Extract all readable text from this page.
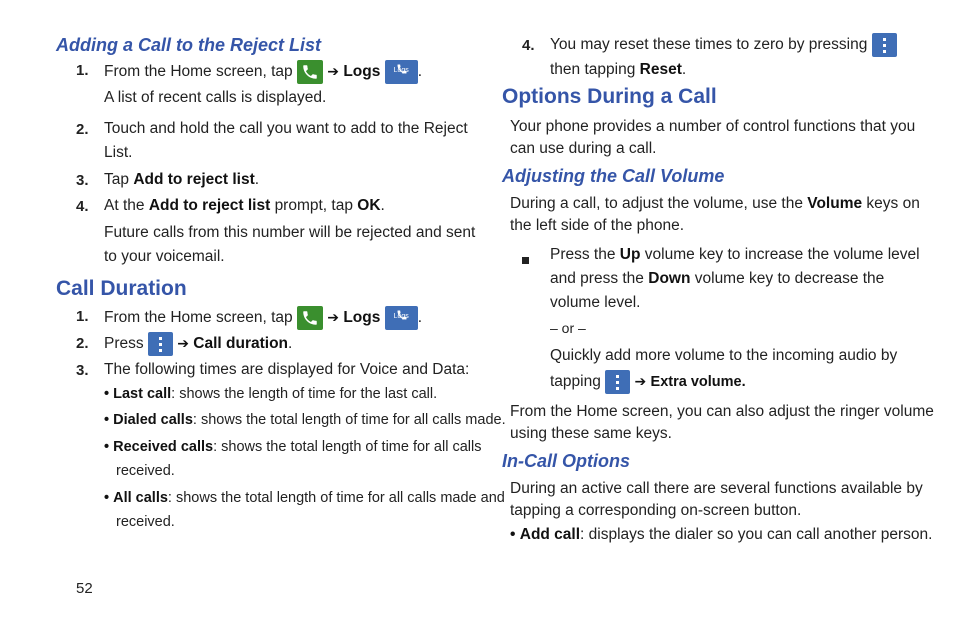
Adding a Call to the Reject List
1. From the Home screen, tap ➔ Logs	Logs .
A list of recent calls is displayed.
2. Touch and hold the call you want to add to the Reject
List.
3. Tap Add to reject list.
4. At the Add to reject list prompt, tap OK.
Future calls from this number will be rejected and sent
to your voicemail.
Call Duration
1. From the Home screen, tap ➔ Logs	Logs .
2. Press ➔ Call duration.
3. The following times are displayed for Voice and Data:
• Last call: shows the length of time for the last call.
• Dialed calls: shows the total length of time for all calls made.
• Received calls: shows the total length of time for all calls
received.
• All calls: shows the total length of time for all calls made and
received.
52
4. You may reset these times to zero by pressing
then tapping Reset.
Options During a Call
Your phone provides a number of control functions that you
can use during a call.
Adjusting the Call Volume
During a call, to adjust the volume, use the Volume keys on
the left side of the phone.
Press the Up volume key to increase the volume level
and press the Down volume key to decrease the
volume level.
– or –
Quickly add more volume to the incoming audio by
tapping ➔ Extra volume.
From the Home screen, you can also adjust the ringer volume
using these same keys.
In-Call Options
During an active call there are several functions available by
tapping a corresponding on-screen button.
• Add call: displays the dialer so you can call another person.
